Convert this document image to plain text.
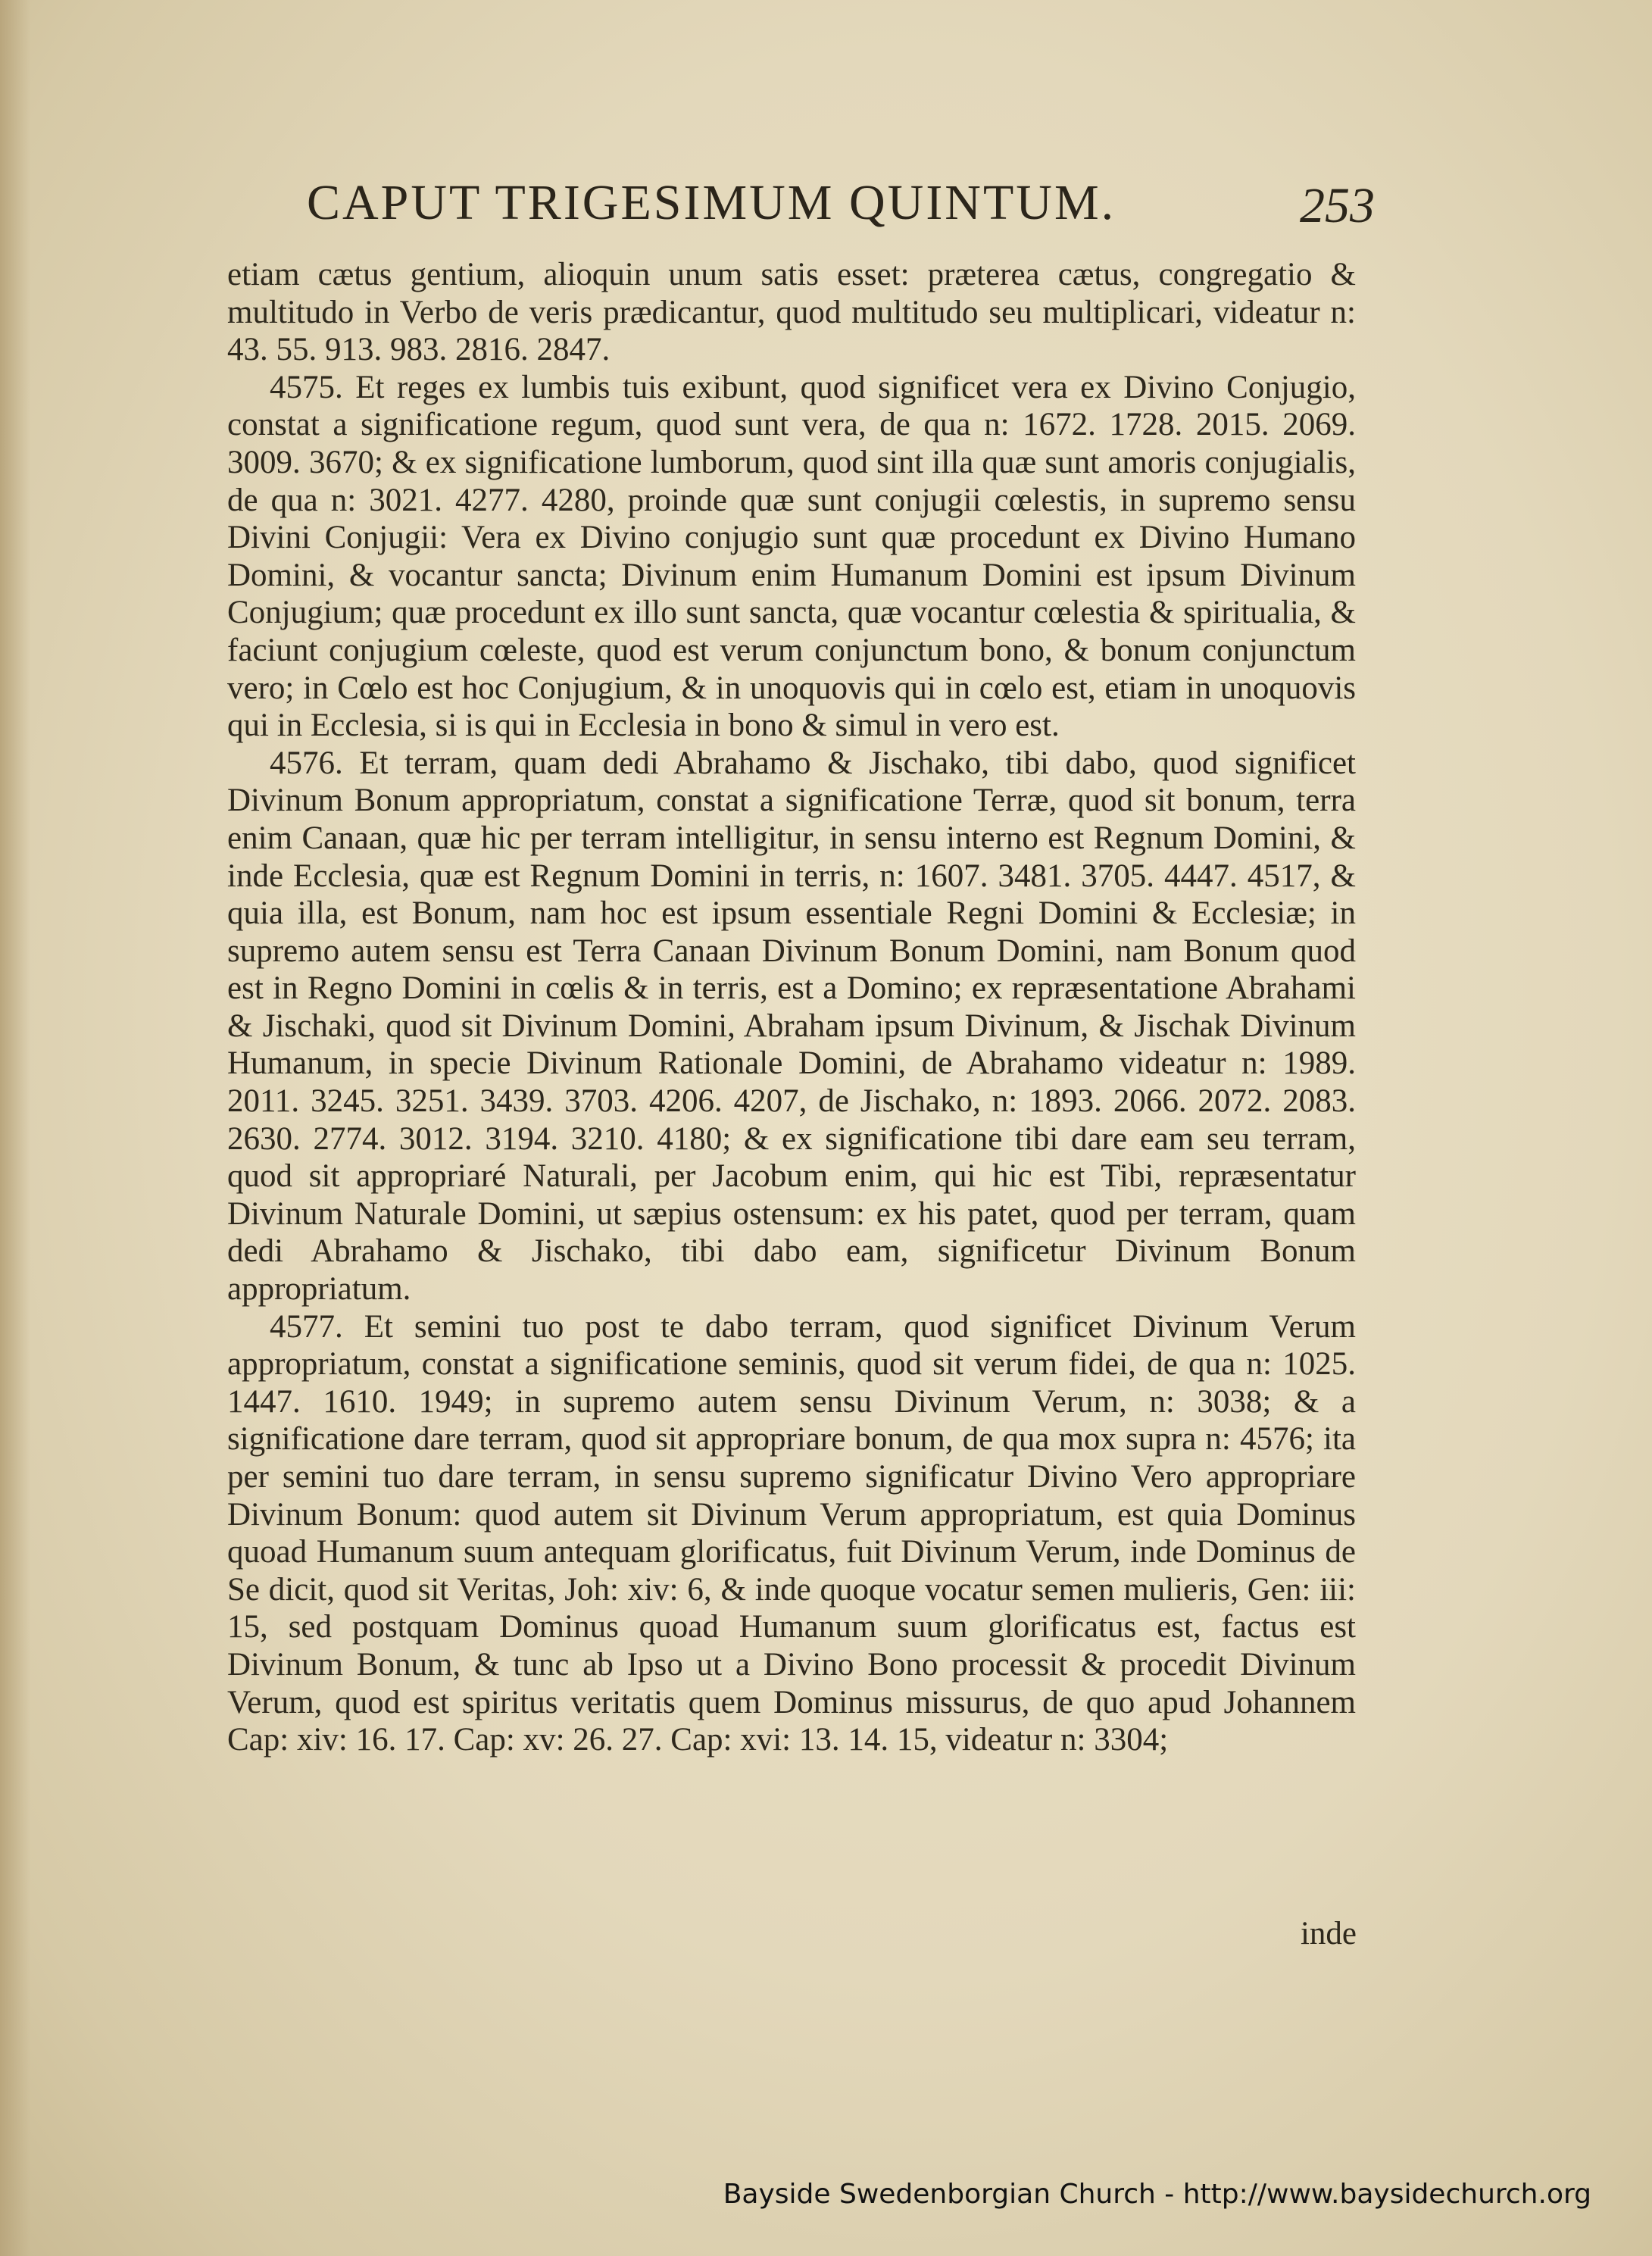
CAPUT TRIGESIMUM QUINTUM.	253

etiam cætus gentium, alioquin unum satis esset: præterea cætus, congregatio & multitudo in Verbo de veris prædicantur, quod multitudo seu multiplicari, videatur n: 43. 55. 913. 983. 2816. 2847.

4575. Et reges ex lumbis tuis exibunt, quod significet vera ex Divino Conjugio, constat a significatione regum, quod sunt vera, de qua n: 1672. 1728. 2015. 2069. 3009. 3670; & ex significatione lumborum, quod sint illa quæ sunt amoris conjugialis, de qua n: 3021. 4277. 4280, proinde quæ sunt conjugii cœlestis, in supremo sensu Divini Conjugii: Vera ex Divino conjugio sunt quæ procedunt ex Divino Humano Domini, & vocantur sancta; Divinum enim Humanum Domini est ipsum Divinum Conjugium; quæ procedunt ex illo sunt sancta, quæ vocantur cœlestia & spiritualia, & faciunt conjugium cœleste, quod est verum conjunctum bono, & bonum conjunctum vero; in Cœlo est hoc Conjugium, & in unoquovis qui in cœlo est, etiam in unoquovis qui in Ecclesia, si is qui in Ecclesia in bono & simul in vero est.

4576. Et terram, quam dedi Abrahamo & Jischako, tibi dabo, quod significet Divinum Bonum appropriatum, constat a significatione Terræ, quod sit bonum, terra enim Canaan, quæ hic per terram intelligitur, in sensu interno est Regnum Domini, & inde Ecclesia, quæ est Regnum Domini in terris, n: 1607. 3481. 3705. 4447. 4517, & quia illa, est Bonum, nam hoc est ipsum essentiale Regni Domini & Ecclesiæ; in supremo autem sensu est Terra Canaan Divinum Bonum Domini, nam Bonum quod est in Regno Domini in cœlis & in terris, est a Domino; ex repræsentatione Abrahami & Jischaki, quod sit Divinum Domini, Abraham ipsum Divinum, & Jischak Divinum Humanum, in specie Divinum Rationale Domini, de Abrahamo videatur n: 1989. 2011. 3245. 3251. 3439. 3703. 4206. 4207, de Jischako, n: 1893. 2066. 2072. 2083. 2630. 2774. 3012. 3194. 3210. 4180; & ex significatione tibi dare eam seu terram, quod sit appropriaré Naturali, per Jacobum enim, qui hic est Tibi, repræsentatur Divinum Naturale Domini, ut sæpius ostensum: ex his patet, quod per terram, quam dedi Abrahamo & Jischako, tibi dabo eam, significetur Divinum Bonum appropriatum.

4577. Et semini tuo post te dabo terram, quod significet Divinum Verum appropriatum, constat a significatione seminis, quod sit verum fidei, de qua n: 1025. 1447. 1610. 1949; in supremo autem sensu Divinum Verum, n: 3038; & a significatione dare terram, quod sit appropriare bonum, de qua mox supra n: 4576; ita per semini tuo dare terram, in sensu supremo significatur Divino Vero appropriare Divinum Bonum: quod autem sit Divinum Verum appropriatum, est quia Dominus quoad Humanum suum antequam glorificatus, fuit Divinum Verum, inde Dominus de Se dicit, quod sit Veritas, Joh: xiv: 6, & inde quoque vocatur semen mulieris, Gen: iii: 15, sed postquam Dominus quoad Humanum suum glorificatus est, factus est Divinum Bonum, & tunc ab Ipso ut a Divino Bono processit & procedit Divinum Verum, quod est spiritus veritatis quem Dominus missurus, de quo apud Johannem Cap: xiv: 16. 17. Cap: xv: 26. 27. Cap: xvi: 13. 14. 15, videatur n: 3304;

inde
Bayside Swedenborgian Church - http://www.baysidechurch.org
